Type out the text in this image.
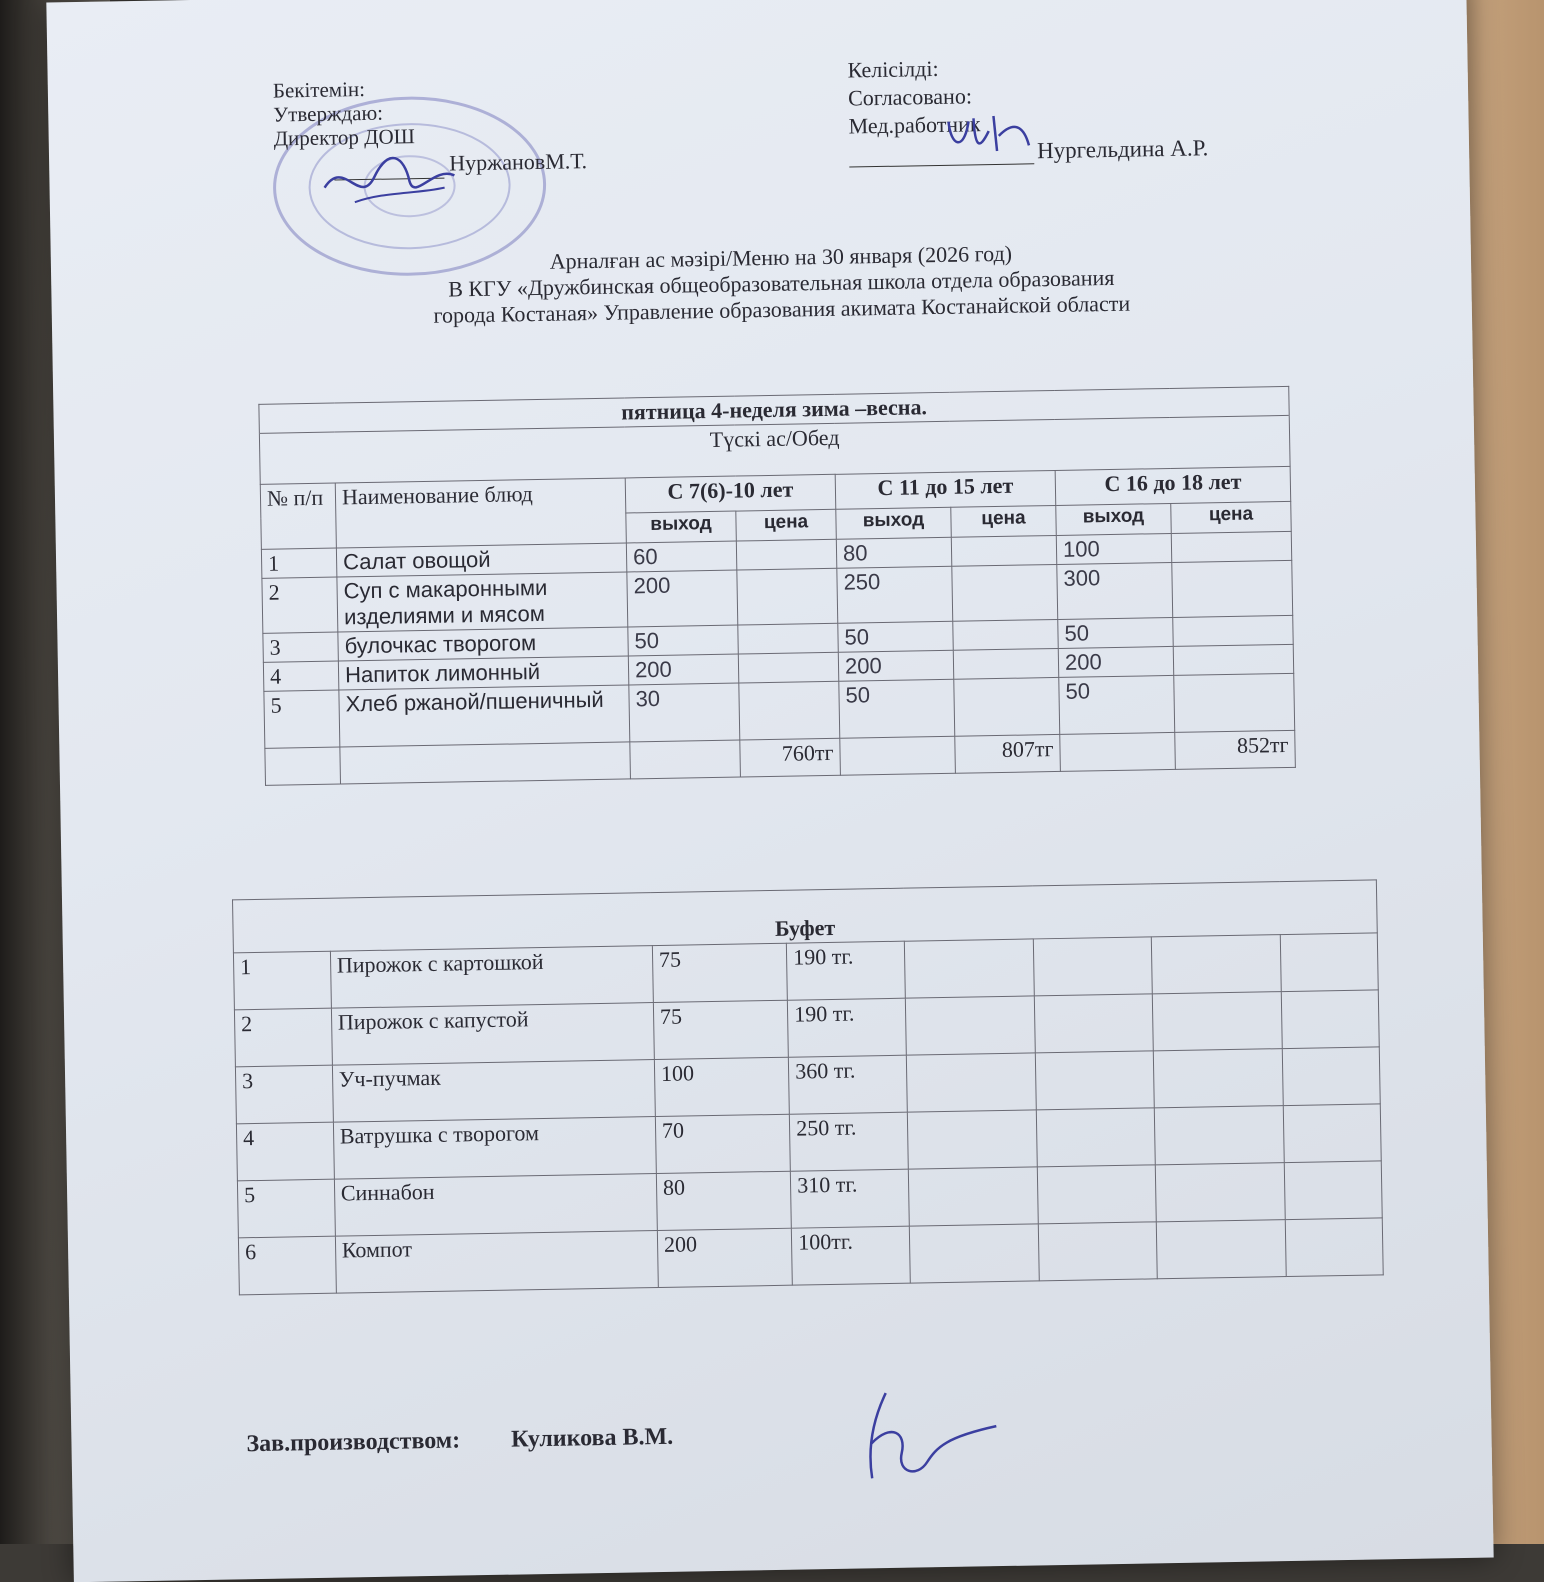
Бекітемін:
Утверждаю:
Директор ДОШ
НуржановМ.Т.
Келісілді:
Согласовано:
Мед.работник
Нургельдина А.Р.
Арналған ас мәзірі/Меню на 30 января (2026 год)
В КГУ «Дружбинская общеобразовательная школа отдела образования
города Костаная» Управление образования акимата Костанайской области
пятница 4-неделя зима –весна.							
Түскі ас/Обед							
№ п/п	Наименование блюд	С 7(6)-10 лет		С 11 до 15 лет		С 16 до 18 лет	
		выход	цена	выход	цена	выход	цена
1	Салат овощой	60		80		100	
2	Суп с макаронными изделиями и мясом	200		250		300	
3	булочкас творогом	50		50		50	
4	Напиток лимонный	200		200		200	
5	Хлеб ржаной/пшеничный	30		50		50	
			760тг		807тг		852тг
Буфет							
1	Пирожок с картошкой	75	190 тг.				
2	Пирожок с капустой	75	190 тг.				
3	Уч-пучмак	100	360 тг.				
4	Ватрушка с творогом	70	250 тг.				
5	Синнабон	80	310 тг.				
6	Компот	200	100тг.				
Зав.производством: Куликова В.М.
